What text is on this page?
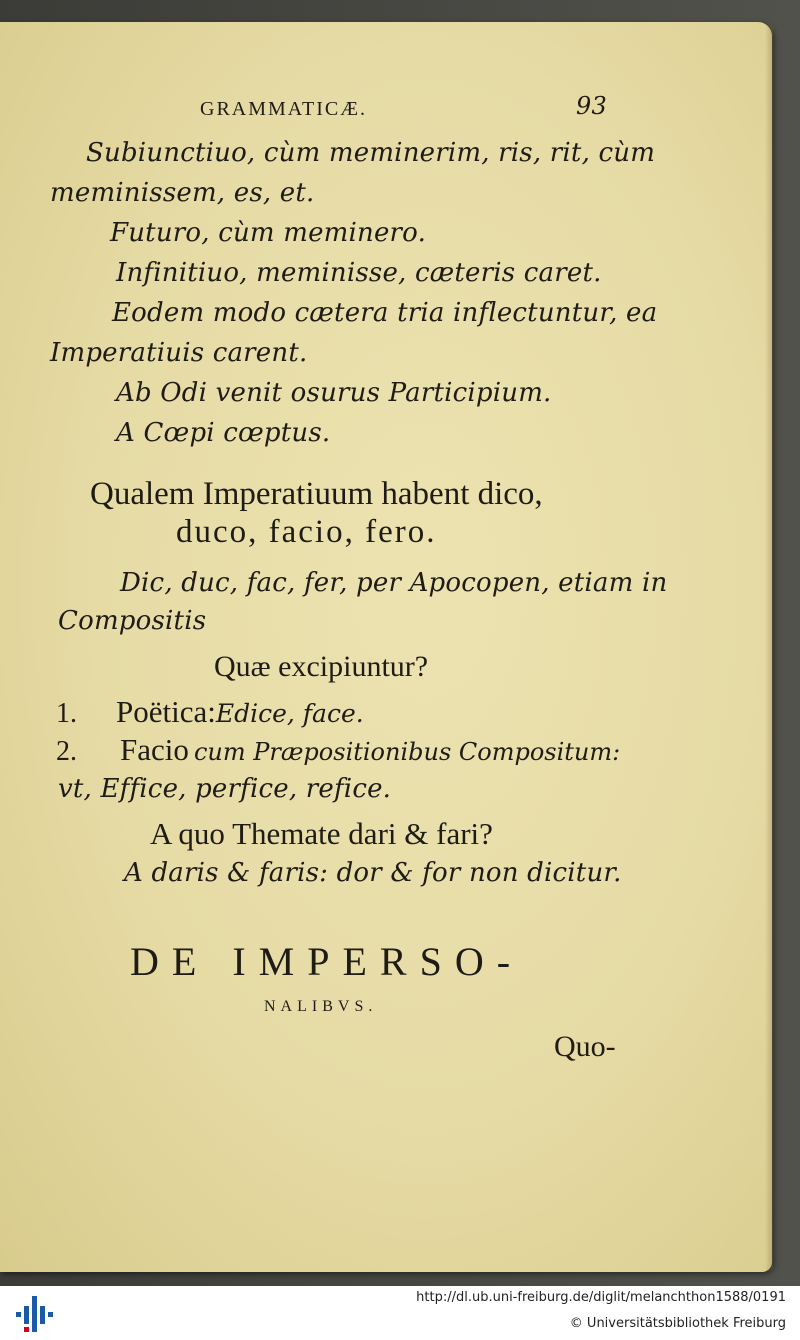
GRAMMATICÆ.	93
Subiunctiuo, cùm meminerim, ris, rit, cùm
meminissem, es, et.
Futuro, cùm meminero.
Infinitiuo, meminisse, cæteris caret.
Eodem modo cætera tria inflectuntur, ea
Imperatiuis carent.
Ab Odi venit osurus Participium.
A Cœpi cœptus.
Qualem Imperatiuum habent dico,
duco, facio, fero.
Dic, duc, fac, fer, per Apocopen, etiam in
Compositis
Quæ excipiuntur?
1. Poëtica:Edice, face.
2. Facio cum Præpositionibus Compositum:
vt, Effice, perfice, refice.
A quo Themate dari & fari?
A daris & faris: dor & for non dicitur.
DE IMPERSO-
NALIBVS.
Quo-
http://dl.ub.uni-freiburg.de/diglit/melanchthon1588/0191
© Universitätsbibliothek Freiburg
